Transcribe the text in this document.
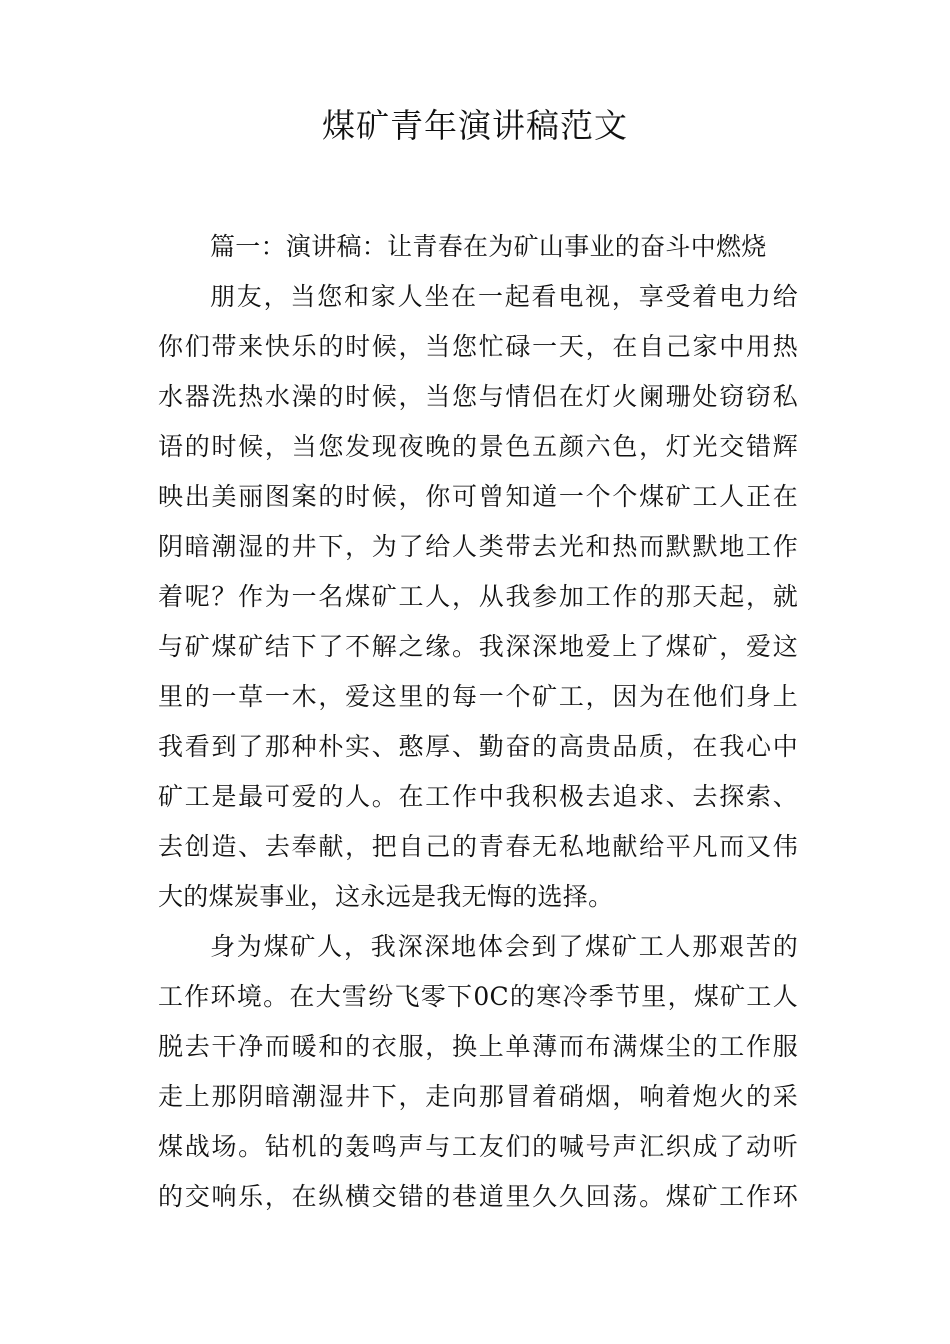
煤矿青年演讲稿范文
篇一：演讲稿：让青春在为矿山事业的奋斗中燃烧
朋友，当您和家人坐在一起看电视，享受着电力给
你们带来快乐的时候，当您忙碌一天，在自己家中用热
水器洗热水澡的时候，当您与情侣在灯火阑珊处窃窃私
语的时候，当您发现夜晚的景色五颜六色，灯光交错辉
映出美丽图案的时候，你可曾知道一个个煤矿工人正在
阴暗潮湿的井下，为了给人类带去光和热而默默地工作
着呢？作为一名煤矿工人，从我参加工作的那天起，就
与矿煤矿结下了不解之缘。我深深地爱上了煤矿，爱这
里的一草一木，爱这里的每一个矿工，因为在他们身上
我看到了那种朴实、憨厚、勤奋的高贵品质，在我心中
矿工是最可爱的人。在工作中我积极去追求、去探索、
去创造、去奉献，把自己的青春无私地献给平凡而又伟
大的煤炭事业，这永远是我无悔的选择。
身为煤矿人，我深深地体会到了煤矿工人那艰苦的
工作环境。在大雪纷飞零下0C的寒冷季节里，煤矿工人
脱去干净而暖和的衣服，换上单薄而布满煤尘的工作服
走上那阴暗潮湿井下，走向那冒着硝烟，响着炮火的采
煤战场。钻机的轰鸣声与工友们的喊号声汇织成了动听
的交响乐，在纵横交错的巷道里久久回荡。煤矿工作环
